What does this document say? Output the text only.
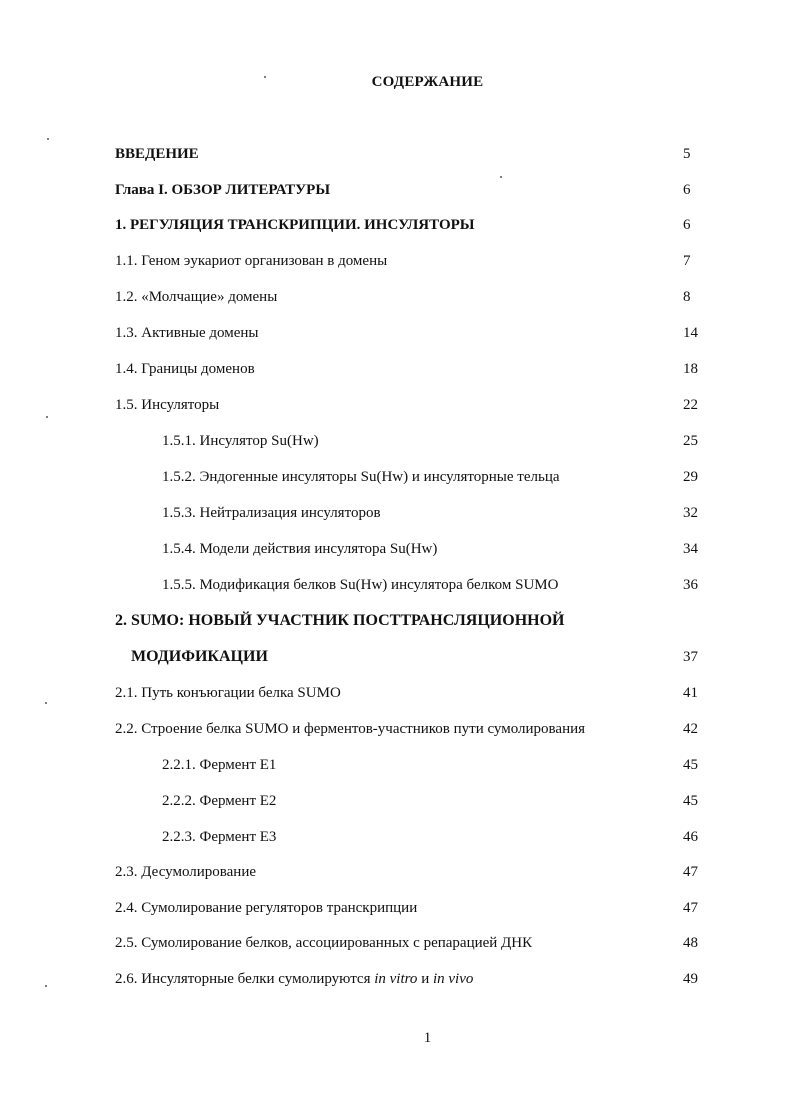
СОДЕРЖАНИЕ
ВВЕДЕНИЕ	5
Глава I. ОБЗОР ЛИТЕРАТУРЫ	6
1. РЕГУЛЯЦИЯ ТРАНСКРИПЦИИ. ИНСУЛЯТОРЫ	6
1.1. Геном эукариот организован в домены	7
1.2. «Молчащие» домены	8
1.3. Активные домены	14
1.4. Границы доменов	18
1.5. Инсуляторы	22
1.5.1. Инсулятор Su(Hw)	25
1.5.2. Эндогенные инсуляторы Su(Hw) и инсуляторные тельца	29
1.5.3. Нейтрализация инсуляторов	32
1.5.4. Модели действия инсулятора Su(Hw)	34
1.5.5. Модификация белков Su(Hw) инсулятора белком SUMO	36
2. SUMO: НОВЫЙ УЧАСТНИК ПОСТТРАНСЛЯЦИОННОЙ
МОДИФИКАЦИИ	37
2.1. Путь конъюгации белка SUMO	41
2.2. Строение белка SUMO и ферментов-участников пути сумолирования	42
2.2.1. Фермент E1	45
2.2.2. Фермент E2	45
2.2.3. Фермент E3	46
2.3. Десумолирование	47
2.4. Сумолирование регуляторов транскрипции	47
2.5. Сумолирование белков, ассоциированных с репарацией ДНК	48
2.6. Инсуляторные белки сумолируются in vitro и in vivo	49
1
